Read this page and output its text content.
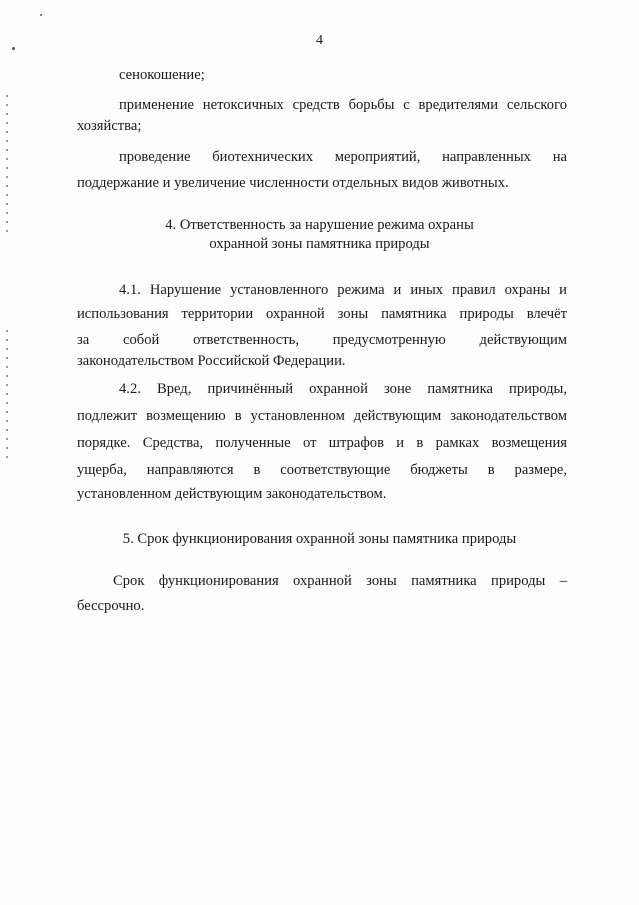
4
сенокошение;
применение нетоксичных средств борьбы с вредителями сельского
хозяйства;
проведение биотехнических мероприятий, направленных на
поддержание и увеличение численности отдельных видов животных.
4. Ответственность за нарушение режима охраны
охранной зоны памятника природы
4.1. Нарушение установленного режима и иных правил охраны и
использования территории охранной зоны памятника природы влечёт
за собой ответственность, предусмотренную действующим
законодательством Российской Федерации.
4.2. Вред, причинённый охранной зоне памятника природы,
подлежит возмещению в установленном действующим законодательством
порядке. Средства, полученные от штрафов и в рамках возмещения
ущерба, направляются в соответствующие бюджеты в размере,
установленном действующим законодательством.
5. Срок функционирования охранной зоны памятника природы
Срок функционирования охранной зоны памятника природы –
бессрочно.
